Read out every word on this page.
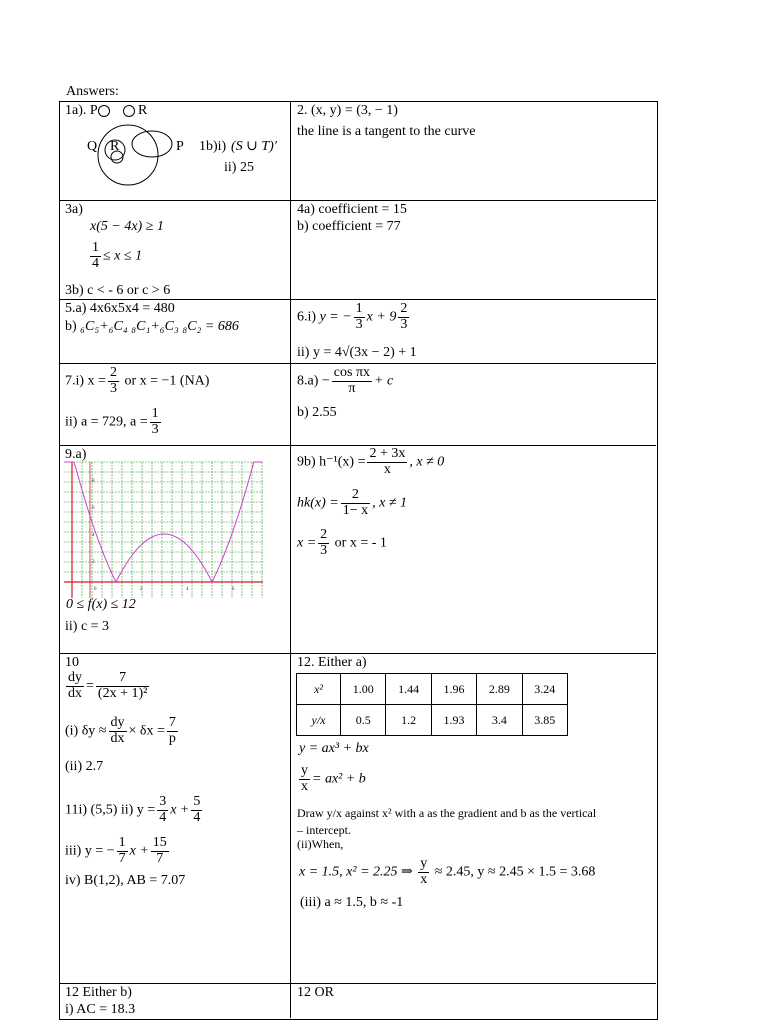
Answers:
1a). P	R
Q R	P 1b)i) (S ∪ T)′
ii) 25
2. (x, y) = (3, − 1)
the line is a tangent to the curve
3a)
x(5 − 4x) ≥ 1
$\frac{1}{4} \le x \le 1$
3b) c < - 6 or c > 6
4a) coefficient = 15
b) coefficient = 77
5.a) 4x6x5x4 = 480
b) ₆C₅+₆C₄ ₈C₁+₆C₃ ₈C₂ = 686
6.i) y = − $\frac{1}{3}$ $x + 9 \frac{2}{3}$
ii) y = 4√(3x − 2) + 1
7.i) $x = \frac{2}{3}$ or x = −1 (NA)
ii) a = 729, $a = \frac{1}{3}$
$8.a) - \frac{\text{cos πx}}{\pi} + c$
b) 2.55
9.a)
8
6
4
2
0	2	4	6
0 ≤ f(x) ≤ 12
ii) c = 3
9b) $h^{-1}(x) = \frac{2 + 3x}{x}$ , x ≠ 0
$hk(x) = \frac{2}{1- x}$ , x ≠ 1
$x = \frac{2}{3}$ or x = - 1
10
$\frac{dy}{dx} = \frac{7}{\text{(2x + 1)²}}$
(i) $\delta y \approx \frac{dy}{dx} \times \delta x = \frac{7}{p}$
(ii) 2.7
11i) (5,5) ii) $y = \frac{3}{4}$ $x + \frac{5}{4}$
iii) y = − $\frac{1}{7}$ $x + \frac{15}{7}$
iv) B(1,2), AB = 7.07
12. Either a)
x²	1.00	1.44	1.96	2.89	3.24
y/x	0.5	1.2	1.93	3.4	3.85
y = ax³ + bx
$\frac{y}{x} = ax^2 + b$
Draw y/x against x² with a as the gradient and b as the vertical
– intercept.
(ii)When,
x = 1.5, x² = 2.25 ⇒ $\frac{y}{x} \approx 2.45$, y ≈ 2.45 × 1.5 = 3.68
(iii) a ≈ 1.5, b ≈ -1
12 Either b)
i) AC = 18.3
12 OR
